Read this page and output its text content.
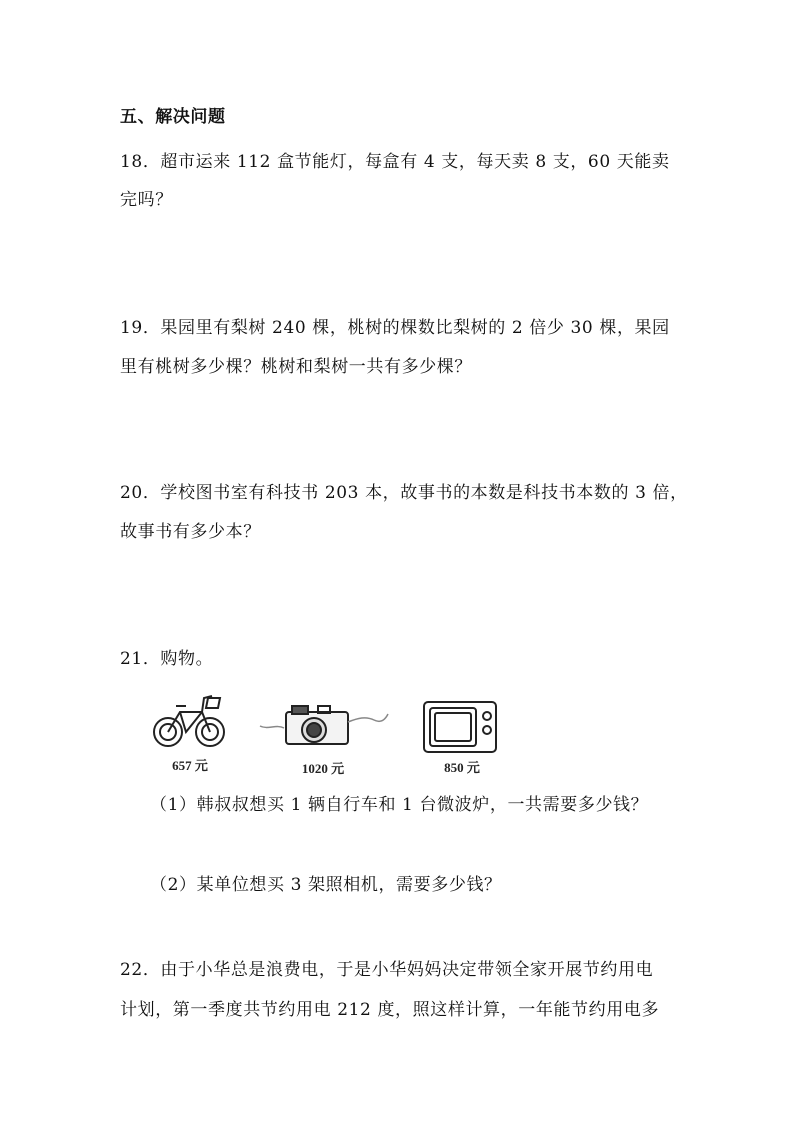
五、解决问题
18．超市运来 112 盒节能灯，每盒有 4 支，每天卖 8 支，60 天能卖
完吗？
19．果园里有梨树 240 棵，桃树的棵数比梨树的 2 倍少 30 棵，果园
里有桃树多少棵？桃树和梨树一共有多少棵？
20．学校图书室有科技书 203 本，故事书的本数是科技书本数的 3 倍，
故事书有多少本？
21．购物。
657 元	1020 元	850 元
（1）韩叔叔想买 1 辆自行车和 1 台微波炉，一共需要多少钱？
（2）某单位想买 3 架照相机，需要多少钱？
22．由于小华总是浪费电，于是小华妈妈决定带领全家开展节约用电
计划，第一季度共节约用电 212 度，照这样计算，一年能节约用电多
